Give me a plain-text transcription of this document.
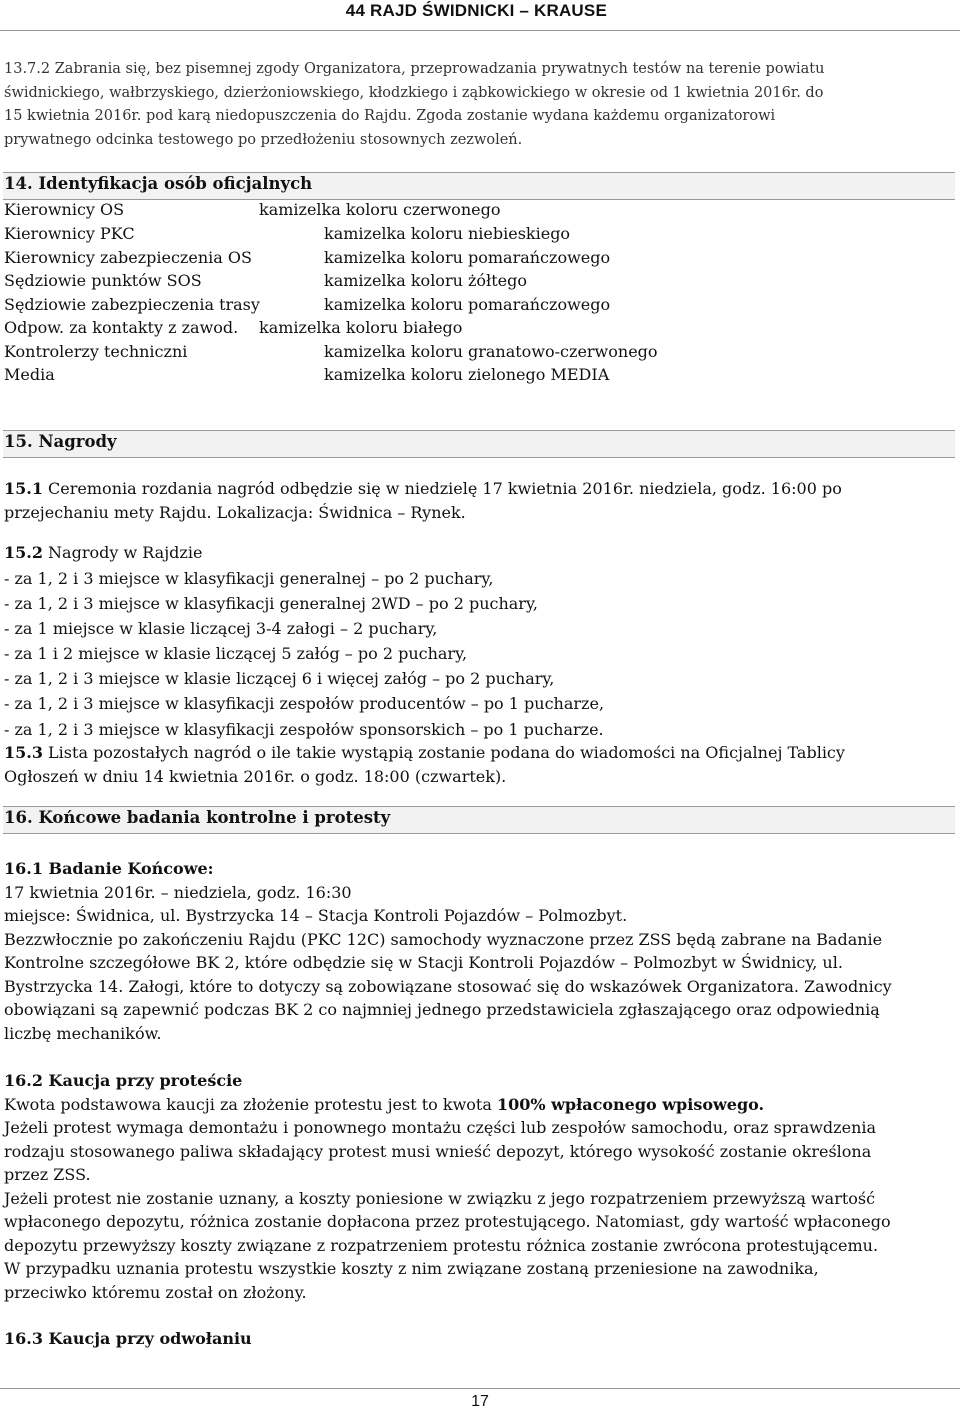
44 RAJD ŚWIDNICKI – KRAUSE
13.7.2 Zabrania się, bez pisemnej zgody Organizatora, przeprowadzania prywatnych testów na terenie powiatu
świdnickiego, wałbrzyskiego, dzierżoniowskiego, kłodzkiego i ząbkowickiego w okresie od 1 kwietnia 2016r. do
15 kwietnia 2016r. pod karą niedopuszczenia do Rajdu. Zgoda zostanie wydana każdemu organizatorowi
prywatnego odcinka testowego po przedłożeniu stosownych zezwoleń.
14. Identyfikacja osób oficjalnych
Kierownicy OS	kamizelka koloru czerwonego
Kierownicy PKC	kamizelka koloru niebieskiego
Kierownicy zabezpieczenia OS	kamizelka koloru pomarańczowego
Sędziowie punktów SOS	kamizelka koloru żółtego
Sędziowie zabezpieczenia trasy	kamizelka koloru pomarańczowego
Odpow. za kontakty z zawod. kamizelka koloru białego
Kontrolerzy techniczni	kamizelka koloru granatowo-czerwonego
Media	kamizelka koloru zielonego MEDIA
15. Nagrody
15.1 Ceremonia rozdania nagród odbędzie się w niedzielę 17 kwietnia 2016r. niedziela, godz. 16:00 po
przejechaniu mety Rajdu. Lokalizacja: Świdnica – Rynek.
15.2 Nagrody w Rajdzie
- za 1, 2 i 3 miejsce w klasyfikacji generalnej – po 2 puchary,
- za 1, 2 i 3 miejsce w klasyfikacji generalnej 2WD – po 2 puchary,
- za 1 miejsce w klasie liczącej 3-4 załogi – 2 puchary,
- za 1 i 2 miejsce w klasie liczącej 5 załóg – po 2 puchary,
- za 1, 2 i 3 miejsce w klasie liczącej 6 i więcej załóg – po 2 puchary,
- za 1, 2 i 3 miejsce w klasyfikacji zespołów producentów – po 1 pucharze,
- za 1, 2 i 3 miejsce w klasyfikacji zespołów sponsorskich – po 1 pucharze.
15.3 Lista pozostałych nagród o ile takie wystąpią zostanie podana do wiadomości na Oficjalnej Tablicy
Ogłoszeń w dniu 14 kwietnia 2016r. o godz. 18:00 (czwartek).
16. Końcowe badania kontrolne i protesty
16.1 Badanie Końcowe:
17 kwietnia 2016r. – niedziela, godz. 16:30
miejsce: Świdnica, ul. Bystrzycka 14 – Stacja Kontroli Pojazdów – Polmozbyt.
Bezzwłocznie po zakończeniu Rajdu (PKC 12C) samochody wyznaczone przez ZSS będą zabrane na Badanie
Kontrolne szczegółowe BK 2, które odbędzie się w Stacji Kontroli Pojazdów – Polmozbyt w Świdnicy, ul.
Bystrzycka 14. Załogi, które to dotyczy są zobowiązane stosować się do wskazówek Organizatora. Zawodnicy
obowiązani są zapewnić podczas BK 2 co najmniej jednego przedstawiciela zgłaszającego oraz odpowiednią
liczbę mechaników.
16.2 Kaucja przy proteście
Kwota podstawowa kaucji za złożenie protestu jest to kwota 100% wpłaconego wpisowego.
Jeżeli protest wymaga demontażu i ponownego montażu części lub zespołów samochodu, oraz sprawdzenia
rodzaju stosowanego paliwa składający protest musi wnieść depozyt, którego wysokość zostanie określona
przez ZSS.
Jeżeli protest nie zostanie uznany, a koszty poniesione w związku z jego rozpatrzeniem przewyższą wartość
wpłaconego depozytu, różnica zostanie dopłacona przez protestującego. Natomiast, gdy wartość wpłaconego
depozytu przewyższy koszty związane z rozpatrzeniem protestu różnica zostanie zwrócona protestującemu.
W przypadku uznania protestu wszystkie koszty z nim związane zostaną przeniesione na zawodnika,
przeciwko któremu został on złożony.
16.3 Kaucja przy odwołaniu
17
